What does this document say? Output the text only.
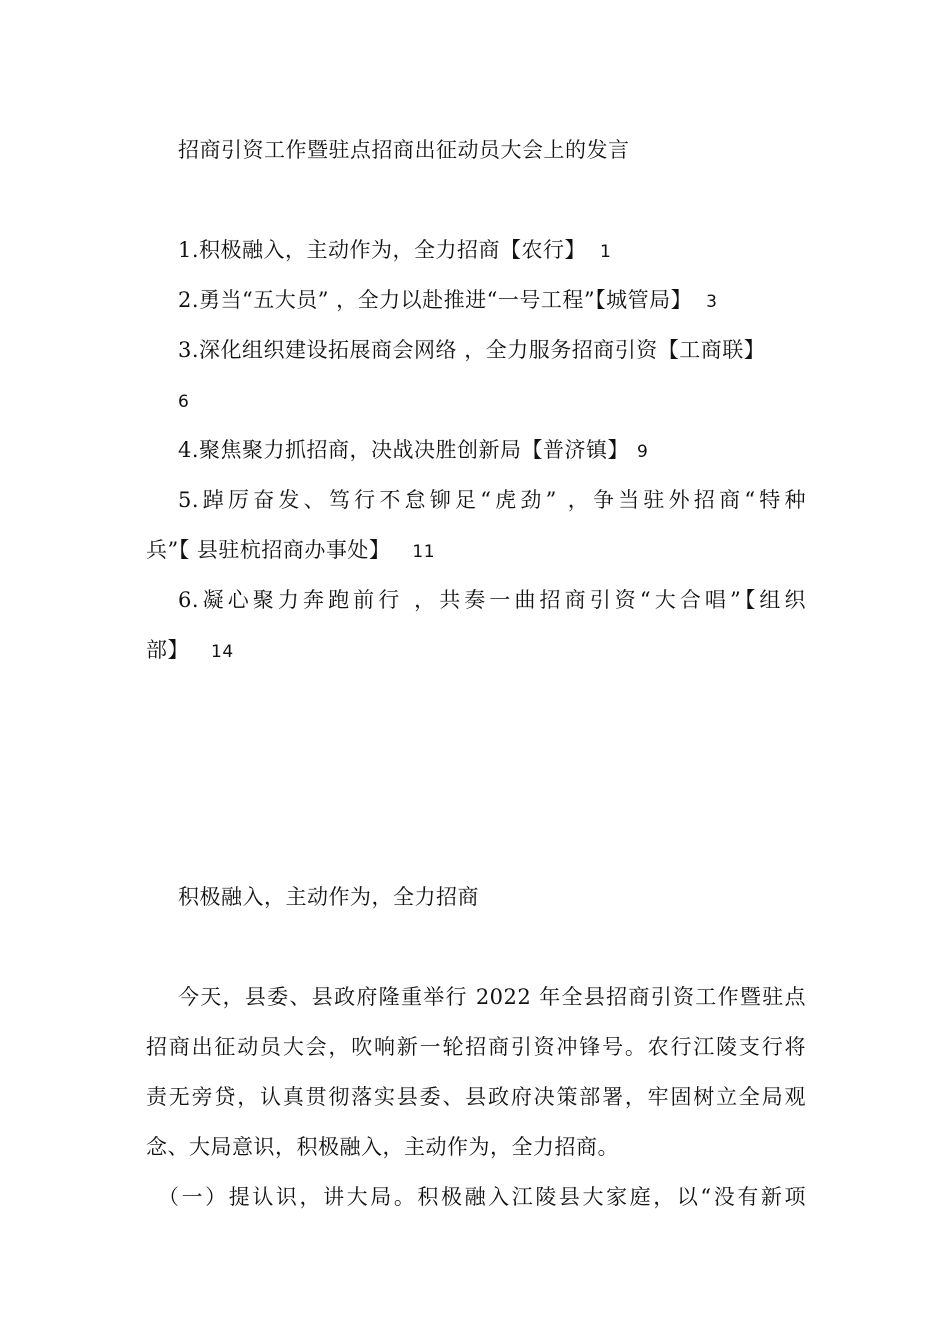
招商引资工作暨驻点招商出征动员大会上的发言
1.积极融入，主动作为，全力招商【农行】 1
2.勇当“五大员” ，全力以赴推进“一号工程”【城管局】 3
3.深化组织建设拓展商会网络 ，全力服务招商引资【工商联】
6
4.聚焦聚力抓招商，决战决胜创新局【普济镇】 9
5.踔厉奋发、笃行不怠铆足“虎劲” ，争当驻外招商“特种
兵”【 县驻杭招商办事处】 11
6.凝心聚力奔跑前行 ，共奏一曲招商引资“大合唱”【组织
部】 14
积极融入，主动作为，全力招商
今天，县委、县政府隆重举行 2022 年全县招商引资工作暨驻点
招商出征动员大会，吹响新一轮招商引资冲锋号。农行江陵支行将
责无旁贷，认真贯彻落实县委、县政府决策部署，牢固树立全局观
念、大局意识，积极融入，主动作为，全力招商。
（一）提认识，讲大局。积极融入江陵县大家庭，以“没有新项
